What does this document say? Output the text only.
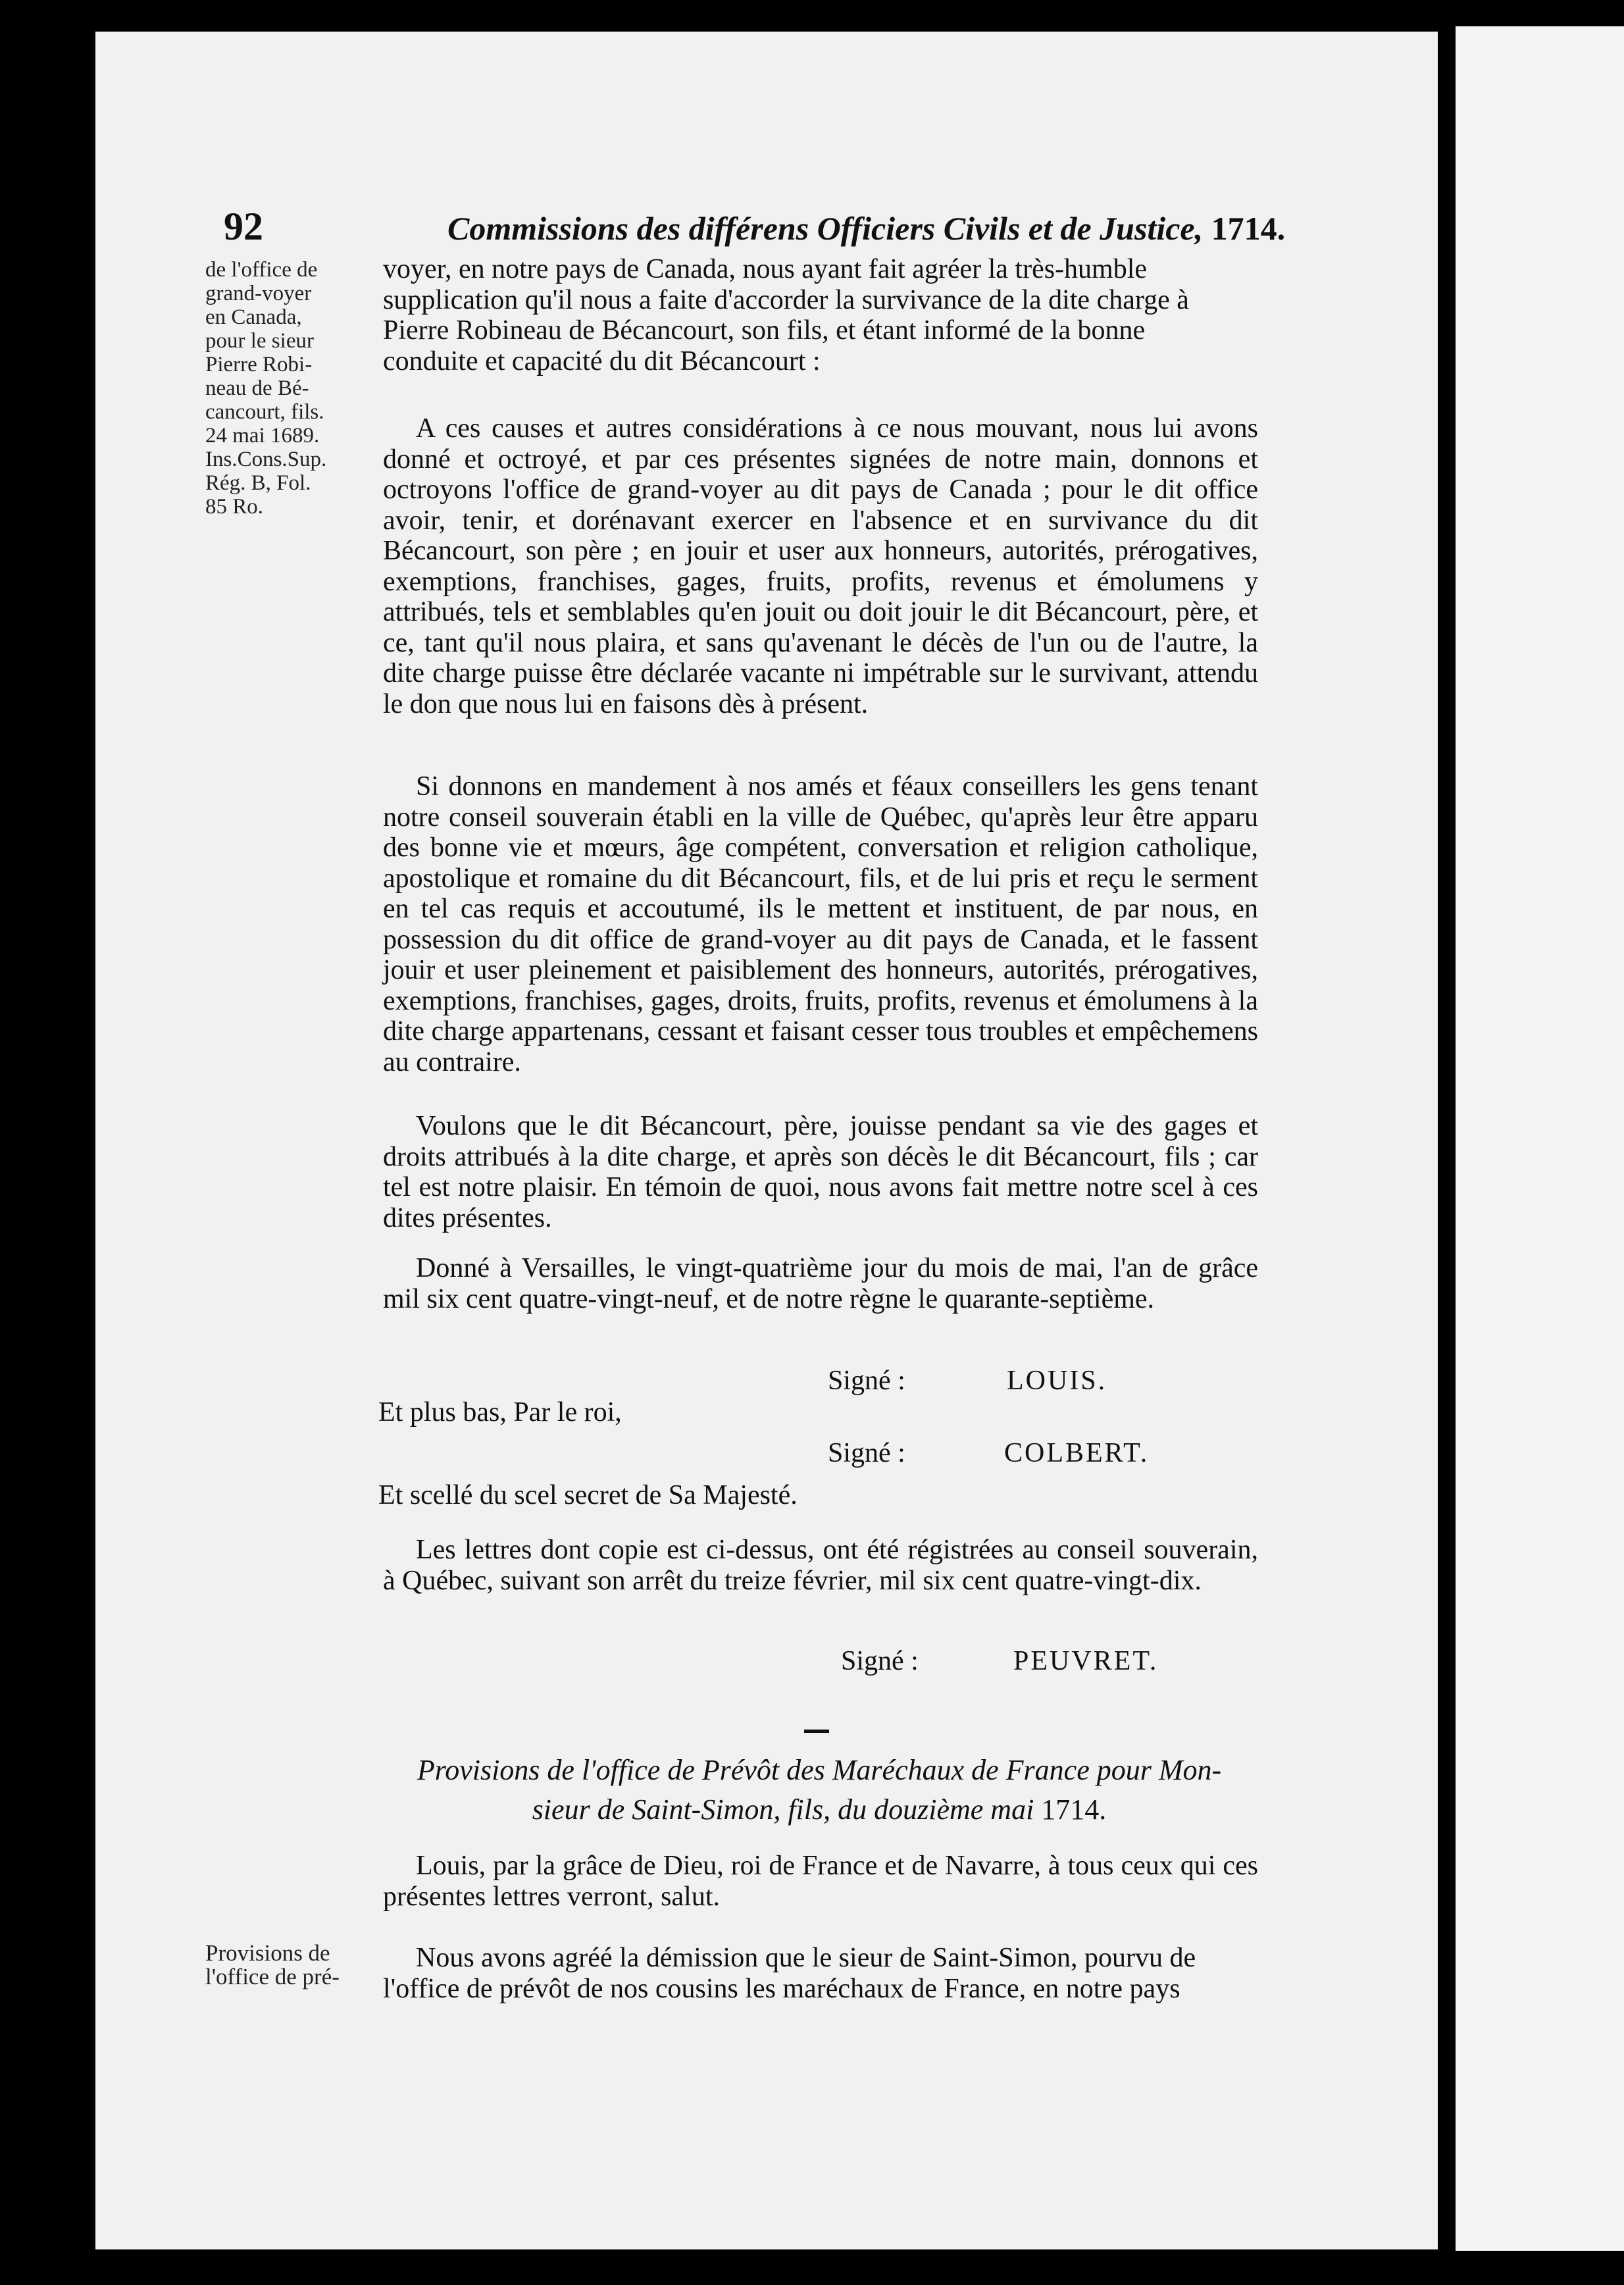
92	Commissions des différens Officiers Civils et de Justice, 1714.
de l'office de
grand-voyer
en Canada,
pour le sieur
Pierre Robi-
neau de Bé-
cancourt, fils.
24 mai 1689.
Ins.Cons.Sup.
Rég. B, Fol.
85 Ro.
voyer, en notre pays de Canada, nous ayant fait agréer la très-humble
supplication qu'il nous a faite d'accorder la survivance de la dite charge à
Pierre Robineau de Bécancourt, son fils, et étant informé de la bonne
conduite et capacité du dit Bécancourt :

A ces causes et autres considérations à ce nous mouvant, nous lui avons donné et octroyé, et par ces présentes signées de notre main, donnons et octroyons l'office de grand-voyer au dit pays de Canada ; pour le dit office avoir, tenir, et dorénavant exercer en l'absence et en survivance du dit Bécancourt, son père ; en jouir et user aux honneurs, autorités, prérogatives, exemptions, franchises, gages, fruits, profits, revenus et émolumens y attribués, tels et semblables qu'en jouit ou doit jouir le dit Bécancourt, père, et ce, tant qu'il nous plaira, et sans qu'avenant le décès de l'un ou de l'autre, la dite charge puisse être déclarée vacante ni impétrable sur le survivant, attendu le don que nous lui en faisons dès à présent.

Si donnons en mandement à nos amés et féaux conseillers les gens tenant notre conseil souverain établi en la ville de Québec, qu'après leur être apparu des bonne vie et mœurs, âge compétent, conversation et religion catholique, apostolique et romaine du dit Bécancourt, fils, et de lui pris et reçu le serment en tel cas requis et accoutumé, ils le mettent et instituent, de par nous, en possession du dit office de grand-voyer au dit pays de Canada, et le fassent jouir et user pleinement et paisiblement des honneurs, autorités, prérogatives, exemptions, franchises, gages, droits, fruits, profits, revenus et émolumens à la dite charge appartenans, cessant et faisant cesser tous troubles et empêchemens au contraire.

Voulons que le dit Bécancourt, père, jouisse pendant sa vie des gages et droits attribués à la dite charge, et après son décès le dit Bécancourt, fils ; car tel est notre plaisir. En témoin de quoi, nous avons fait mettre notre scel à ces dites présentes.

Donné à Versailles, le vingt-quatrième jour du mois de mai, l'an de grâce mil six cent quatre-vingt-neuf, et de notre règne le quarante-septième.

Signé :	LOUIS.
Et plus bas, Par le roi,
Signé :	COLBERT.
Et scellé du scel secret de Sa Majesté.

Les lettres dont copie est ci-dessus, ont été régistrées au conseil souverain, à Québec, suivant son arrêt du treize février, mil six cent quatre-vingt-dix.

Signé :	PEUVRET.
Provisions de l'office de Prévôt des Maréchaux de France pour Mon-
sieur de Saint-Simon, fils, du douzième mai 1714.

Louis, par la grâce de Dieu, roi de France et de Navarre, à tous ceux qui ces présentes lettres verront, salut.

Provisions de
l'office de pré-
Nous avons agréé la démission que le sieur de Saint-Simon, pourvu de
l'office de prévôt de nos cousins les maréchaux de France, en notre pays
